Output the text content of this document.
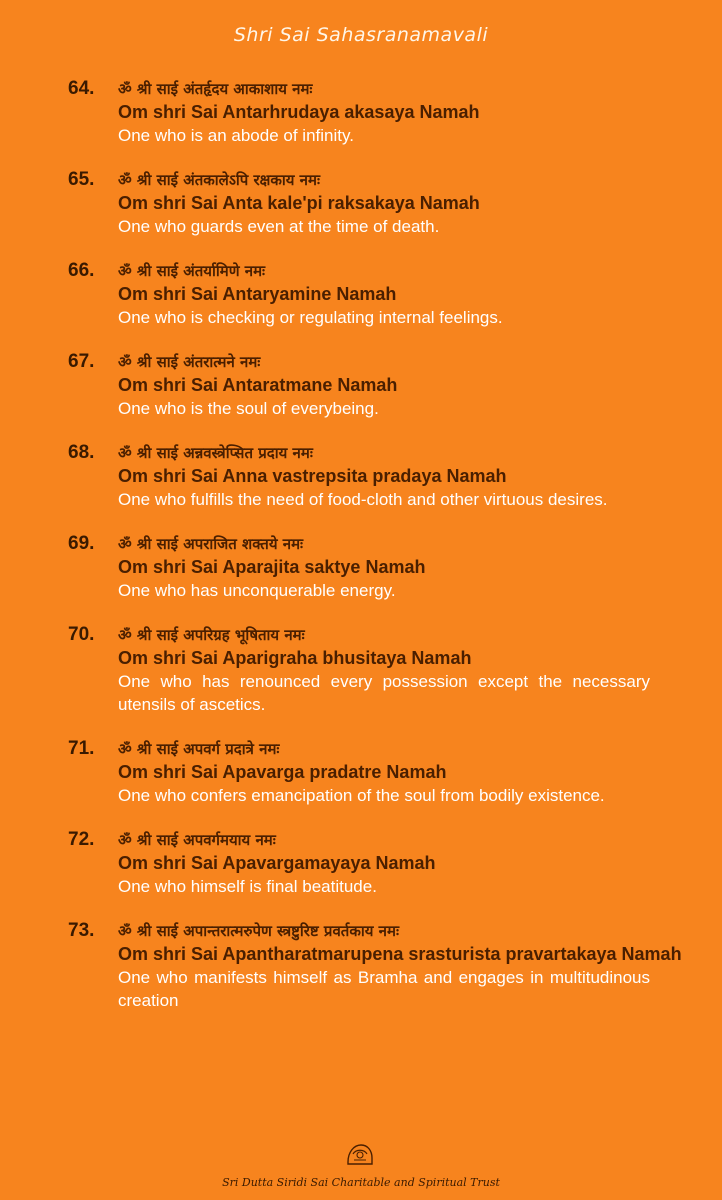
Shri Sai Sahasranamavali
64. ॐ श्री साई अंतर्हृदय आकाशाय नमः
Om shri Sai Antarhrudaya akasaya Namah
One who is an abode of infinity.
65. ॐ श्री साई अंतकालेऽपि रक्षकाय नमः
Om shri Sai Anta kale'pi raksakaya Namah
One who guards even at the time of death.
66. ॐ श्री साई अंतर्यामिणे नमः
Om shri Sai Antaryamine Namah
One who is checking or regulating internal feelings.
67. ॐ श्री साई अंतरात्मने नमः
Om shri Sai Antaratmane Namah
One who is the soul of everybeing.
68. ॐ श्री साई अन्नवस्त्रेप्सित प्रदाय नमः
Om shri Sai Anna vastrepsita pradaya Namah
One who fulfills the need of food-cloth and other virtuous desires.
69. ॐ श्री साई अपराजित शक्तये नमः
Om shri Sai Aparajita saktye Namah
One who has unconquerable energy.
70. ॐ श्री साई अपरिग्रह भूषिताय नमः
Om shri Sai Aparigraha bhusitaya Namah
One who has renounced every possession except the necessary utensils of ascetics.
71. ॐ श्री साई अपवर्ग प्रदात्रे नमः
Om shri Sai Apavarga pradatre Namah
One who confers emancipation of the soul from bodily existence.
72. ॐ श्री साई अपवर्गमयाय नमः
Om shri Sai Apavargamayaya Namah
One who himself is final beatitude.
73. ॐ श्री साई अपान्तरात्मरुपेण स्त्रष्टुरिष्ट प्रवर्तकाय नमः
Om shri Sai Apantharatmarupena srasturista pravartakaya Namah
One who manifests himself as Bramha and engages in multitudinous creation
Sri Dutta Siridi Sai Charitable and Spiritual Trust
